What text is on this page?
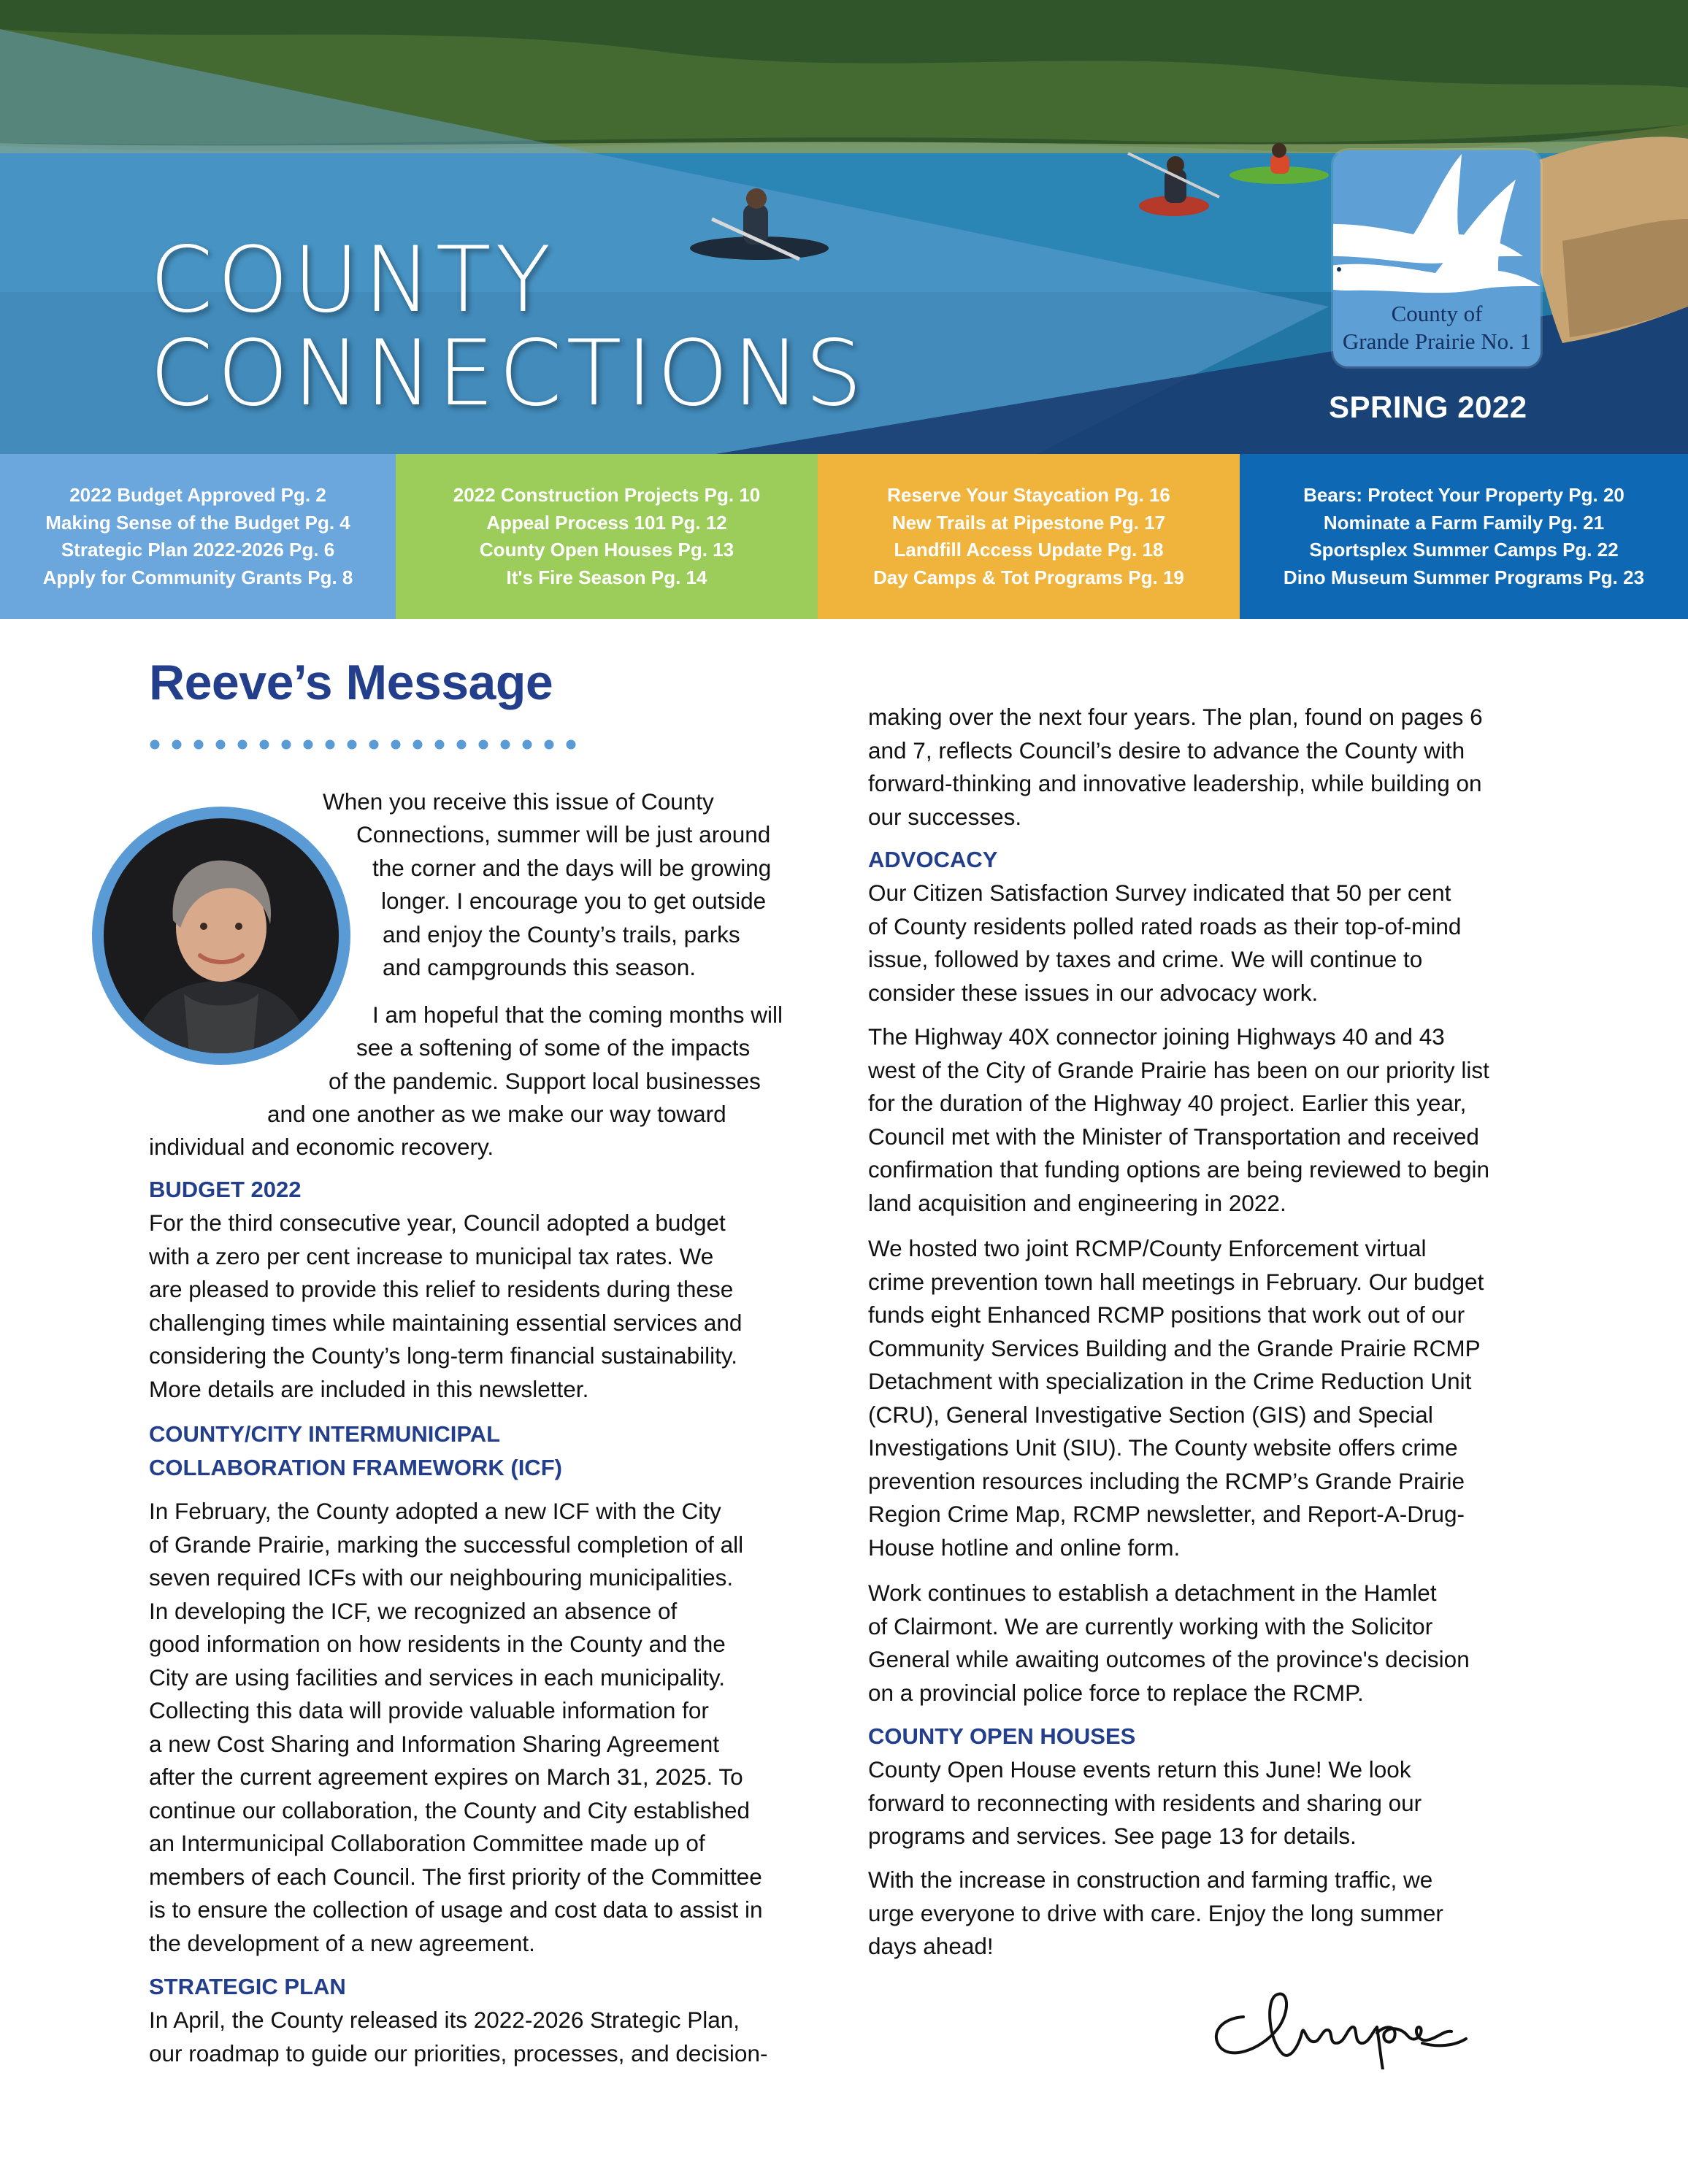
COUNTY
CONNECTIONS
County of
Grande Prairie No. 1
SPRING 2022
2022 Budget Approved Pg. 2
Making Sense of the Budget Pg. 4
Strategic Plan 2022-2026 Pg. 6
Apply for Community Grants Pg. 8
2022 Construction Projects Pg. 10
Appeal Process 101 Pg. 12
County Open Houses Pg. 13
It's Fire Season Pg. 14
Reserve Your Staycation Pg. 16
New Trails at Pipestone Pg. 17
Landfill Access Update Pg. 18
Day Camps & Tot Programs Pg. 19
Bears: Protect Your Property Pg. 20
Nominate a Farm Family Pg. 21
Sportsplex Summer Camps Pg. 22
Dino Museum Summer Programs Pg. 23
Reeve’s Message
When you receive this issue of County
Connections, summer will be just around
the corner and the days will be growing
longer. I encourage you to get outside
and enjoy the County’s trails, parks
and campgrounds this season.
I am hopeful that the coming months will
see a softening of some of the impacts
of the pandemic. Support local businesses
and one another as we make our way toward
individual and economic recovery.
BUDGET 2022
For the third consecutive year, Council adopted a budget
with a zero per cent increase to municipal tax rates. We
are pleased to provide this relief to residents during these
challenging times while maintaining essential services and
considering the County’s long-term financial sustainability.
More details are included in this newsletter.
COUNTY/CITY INTERMUNICIPAL
COLLABORATION FRAMEWORK (ICF)
In February, the County adopted a new ICF with the City
of Grande Prairie, marking the successful completion of all
seven required ICFs with our neighbouring municipalities.
In developing the ICF, we recognized an absence of
good information on how residents in the County and the
City are using facilities and services in each municipality.
Collecting this data will provide valuable information for
a new Cost Sharing and Information Sharing Agreement
after the current agreement expires on March 31, 2025. To
continue our collaboration, the County and City established
an Intermunicipal Collaboration Committee made up of
members of each Council. The first priority of the Committee
is to ensure the collection of usage and cost data to assist in
the development of a new agreement.
STRATEGIC PLAN
In April, the County released its 2022-2026 Strategic Plan,
our roadmap to guide our priorities, processes, and decision-
making over the next four years. The plan, found on pages 6
and 7, reflects Council’s desire to advance the County with
forward-thinking and innovative leadership, while building on
our successes.
ADVOCACY
Our Citizen Satisfaction Survey indicated that 50 per cent
of County residents polled rated roads as their top-of-mind
issue, followed by taxes and crime. We will continue to
consider these issues in our advocacy work.
The Highway 40X connector joining Highways 40 and 43
west of the City of Grande Prairie has been on our priority list
for the duration of the Highway 40 project. Earlier this year,
Council met with the Minister of Transportation and received
confirmation that funding options are being reviewed to begin
land acquisition and engineering in 2022.
We hosted two joint RCMP/County Enforcement virtual
crime prevention town hall meetings in February. Our budget
funds eight Enhanced RCMP positions that work out of our
Community Services Building and the Grande Prairie RCMP
Detachment with specialization in the Crime Reduction Unit
(CRU), General Investigative Section (GIS) and Special
Investigations Unit (SIU). The County website offers crime
prevention resources including the RCMP’s Grande Prairie
Region Crime Map, RCMP newsletter, and Report-A-Drug-
House hotline and online form.
Work continues to establish a detachment in the Hamlet
of Clairmont. We are currently working with the Solicitor
General while awaiting outcomes of the province's decision
on a provincial police force to replace the RCMP.
COUNTY OPEN HOUSES
County Open House events return this June! We look
forward to reconnecting with residents and sharing our
programs and services. See page 13 for details.
With the increase in construction and farming traffic, we
urge everyone to drive with care. Enjoy the long summer
days ahead!
